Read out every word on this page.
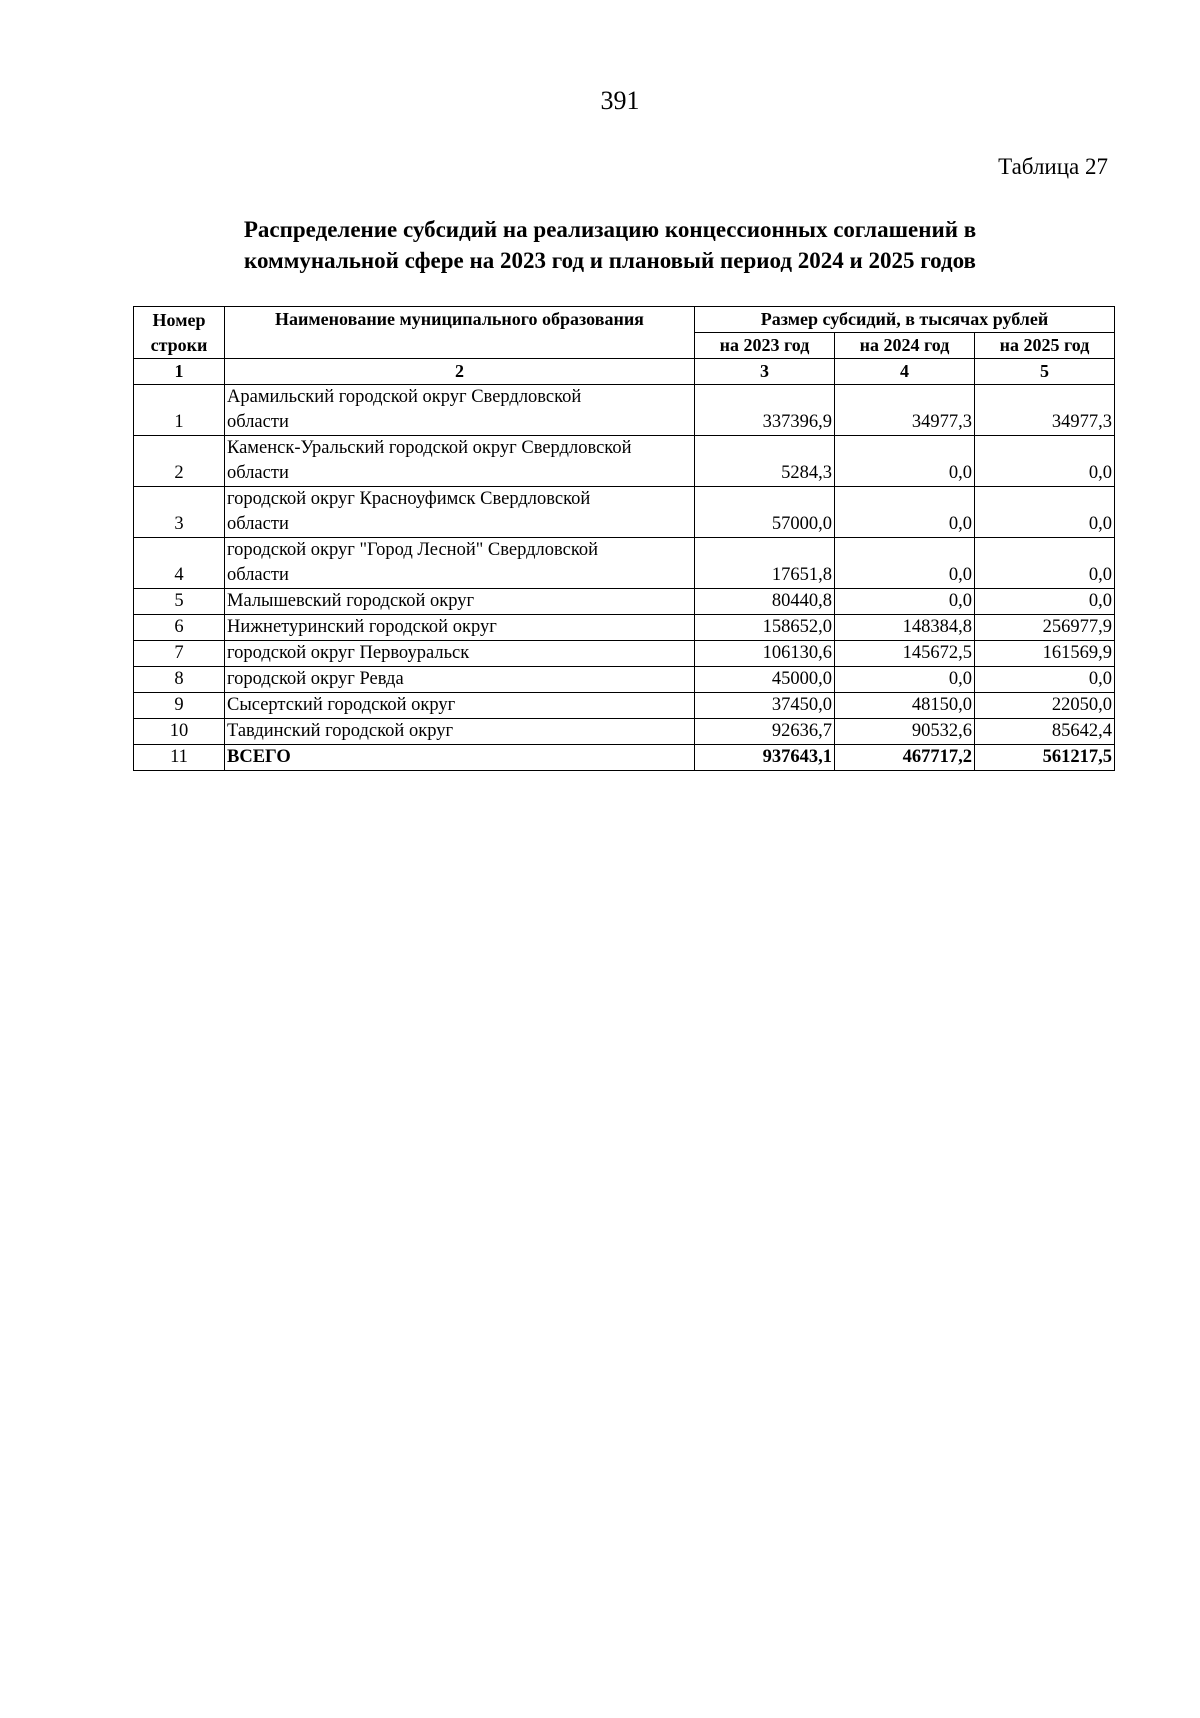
391
Таблица 27
Распределение субсидий на реализацию концессионных соглашений в
коммунальной сфере на 2023 год и плановый период 2024 и 2025 годов
Номер
строки	Наименование муниципального образования	Размер субсидий, в тысячах рублей		
		на 2023 год	на 2024 год	на 2025 год
1	2	3	4	5
1	Арамильский городской округ Свердловской
области	337396,9	34977,3	34977,3
2	Каменск-Уральский городской округ Свердловской
области	5284,3	0,0	0,0
3	городской округ Красноуфимск Свердловской
области	57000,0	0,0	0,0
4	городской округ "Город Лесной" Свердловской
области	17651,8	0,0	0,0
5	Малышевский городской округ	80440,8	0,0	0,0
6	Нижнетуринский городской округ	158652,0	148384,8	256977,9
7	городской округ Первоуральск	106130,6	145672,5	161569,9
8	городской округ Ревда	45000,0	0,0	0,0
9	Сысертский городской округ	37450,0	48150,0	22050,0
10	Тавдинский городской округ	92636,7	90532,6	85642,4
11	ВСЕГО	937643,1	467717,2	561217,5
